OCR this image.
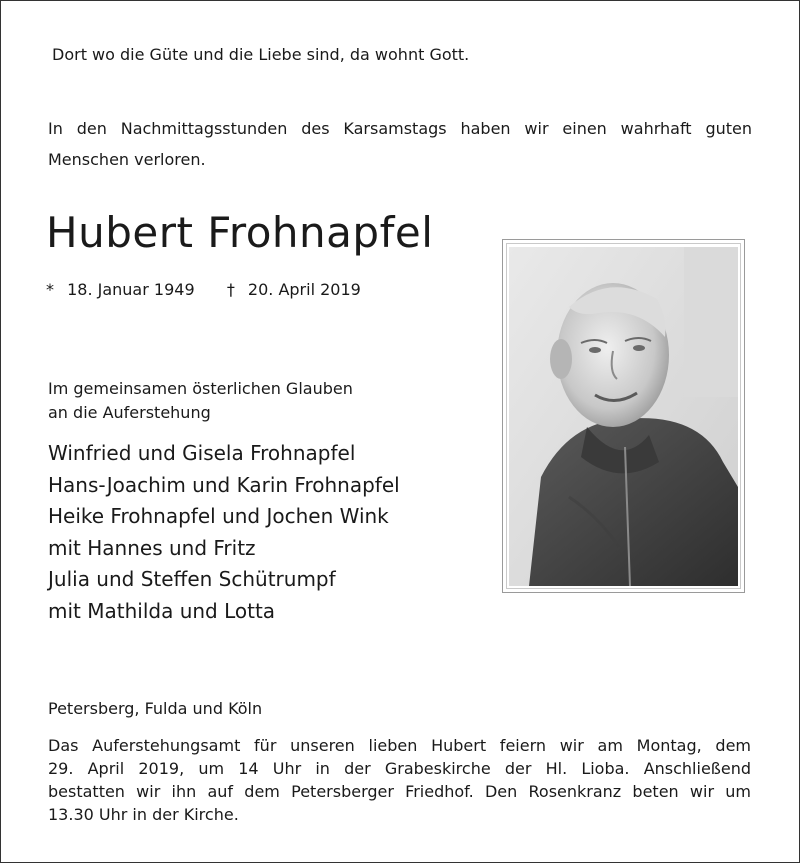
Dort wo die Güte und die Liebe sind, da wohnt Gott.
In den Nachmittagsstunden des Karsamstags haben wir einen wahrhaft guten
Menschen verloren.
Hubert Frohnapfel
* 18. Januar 1949 † 20. April 2019
Im gemeinsamen österlichen Glauben
an die Auferstehung
Winfried und Gisela Frohnapfel
Hans-Joachim und Karin Frohnapfel
Heike Frohnapfel und Jochen Wink
mit Hannes und Fritz
Julia und Steffen Schütrumpf
mit Mathilda und Lotta
Petersberg, Fulda und Köln
Das Auferstehungsamt für unseren lieben Hubert feiern wir am Montag, dem
29. April 2019, um 14 Uhr in der Grabeskirche der Hl. Lioba. Anschließend
bestatten wir ihn auf dem Petersberger Friedhof. Den Rosenkranz beten wir um
13.30 Uhr in der Kirche.
